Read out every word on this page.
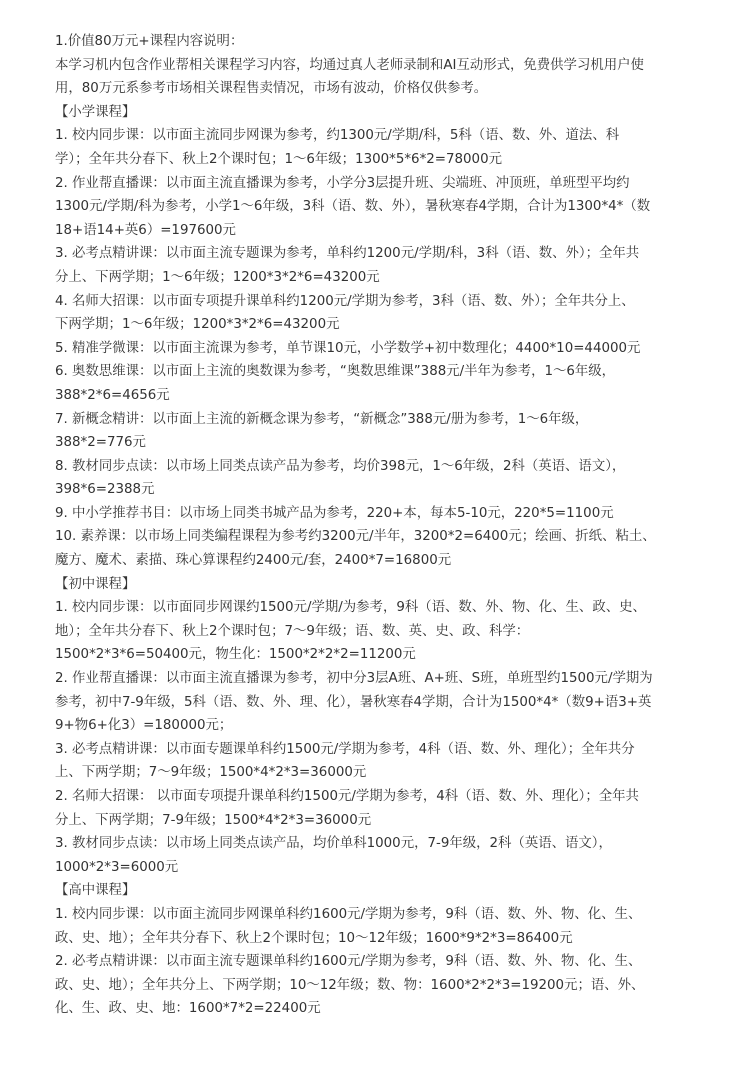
1.价值80万元+课程内容说明：
本学习机内包含作业帮相关课程学习内容，均通过真人老师录制和AI互动形式，免费供学习机用户使
用，80万元系参考市场相关课程售卖情况，市场有波动，价格仅供参考。
【小学课程】
1. 校内同步课：以市面主流同步网课为参考，约1300元/学期/科，5科（语、数、外、道法、科
学）；全年共分春下、秋上2个课时包；1～6年级；1300*5*6*2=78000元
2. 作业帮直播课：以市面主流直播课为参考，小学分3层提升班、尖端班、冲顶班，单班型平均约
1300元/学期/科为参考，小学1～6年级，3科（语、数、外），暑秋寒春4学期，合计为1300*4*（数
18+语14+英6）=197600元
3. 必考点精讲课：以市面主流专题课为参考，单科约1200元/学期/科，3科（语、数、外）；全年共
分上、下两学期；1～6年级；1200*3*2*6=43200元
4. 名师大招课：以市面专项提升课单科约1200元/学期为参考，3科（语、数、外）；全年共分上、
下两学期；1～6年级；1200*3*2*6=43200元
5. 精准学微课：以市面主流课为参考，单节课10元，小学数学+初中数理化；4400*10=44000元
6. 奥数思维课：以市面上主流的奥数课为参考，“奥数思维课”388元/半年为参考，1～6年级，
388*2*6=4656元
7. 新概念精讲：以市面上主流的新概念课为参考，“新概念”388元/册为参考，1～6年级，
388*2=776元
8. 教材同步点读：以市场上同类点读产品为参考，均价398元，1～6年级，2科（英语、语文），
398*6=2388元
9. 中小学推荐书目：以市场上同类书城产品为参考，220+本，每本5-10元，220*5=1100元
10. 素养课：以市场上同类编程课程为参考约3200元/半年，3200*2=6400元；绘画、折纸、粘土、
魔方、魔术、素描、珠心算课程约2400元/套，2400*7=16800元
【初中课程】
1. 校内同步课：以市面同步网课约1500元/学期/为参考，9科（语、数、外、物、化、生、政、史、
地）；全年共分春下、秋上2个课时包；7～9年级；语、数、英、史、政、科学：
1500*2*3*6=50400元，物生化：1500*2*2*2=11200元
2. 作业帮直播课：以市面主流直播课为参考，初中分3层A班、A+班、S班，单班型约1500元/学期为
参考，初中7-9年级，5科（语、数、外、理、化），暑秋寒春4学期，合计为1500*4*（数9+语3+英
9+物6+化3）=180000元；
3. 必考点精讲课：以市面专题课单科约1500元/学期为参考，4科（语、数、外、理化）；全年共分
上、下两学期；7～9年级；1500*4*2*3=36000元
2. 名师大招课： 以市面专项提升课单科约1500元/学期为参考，4科（语、数、外、理化）；全年共
分上、下两学期；7-9年级；1500*4*2*3=36000元
3. 教材同步点读：以市场上同类点读产品，均价单科1000元，7-9年级，2科（英语、语文），
1000*2*3=6000元
【高中课程】
1. 校内同步课：以市面主流同步网课单科约1600元/学期为参考，9科（语、数、外、物、化、生、
政、史、地）；全年共分春下、秋上2个课时包；10～12年级；1600*9*2*3=86400元
2. 必考点精讲课：以市面主流专题课单科约1600元/学期为参考，9科（语、数、外、物、化、生、
政、史、地）；全年共分上、下两学期；10～12年级；数、物：1600*2*2*3=19200元；语、外、
化、生、政、史、地：1600*7*2=22400元
